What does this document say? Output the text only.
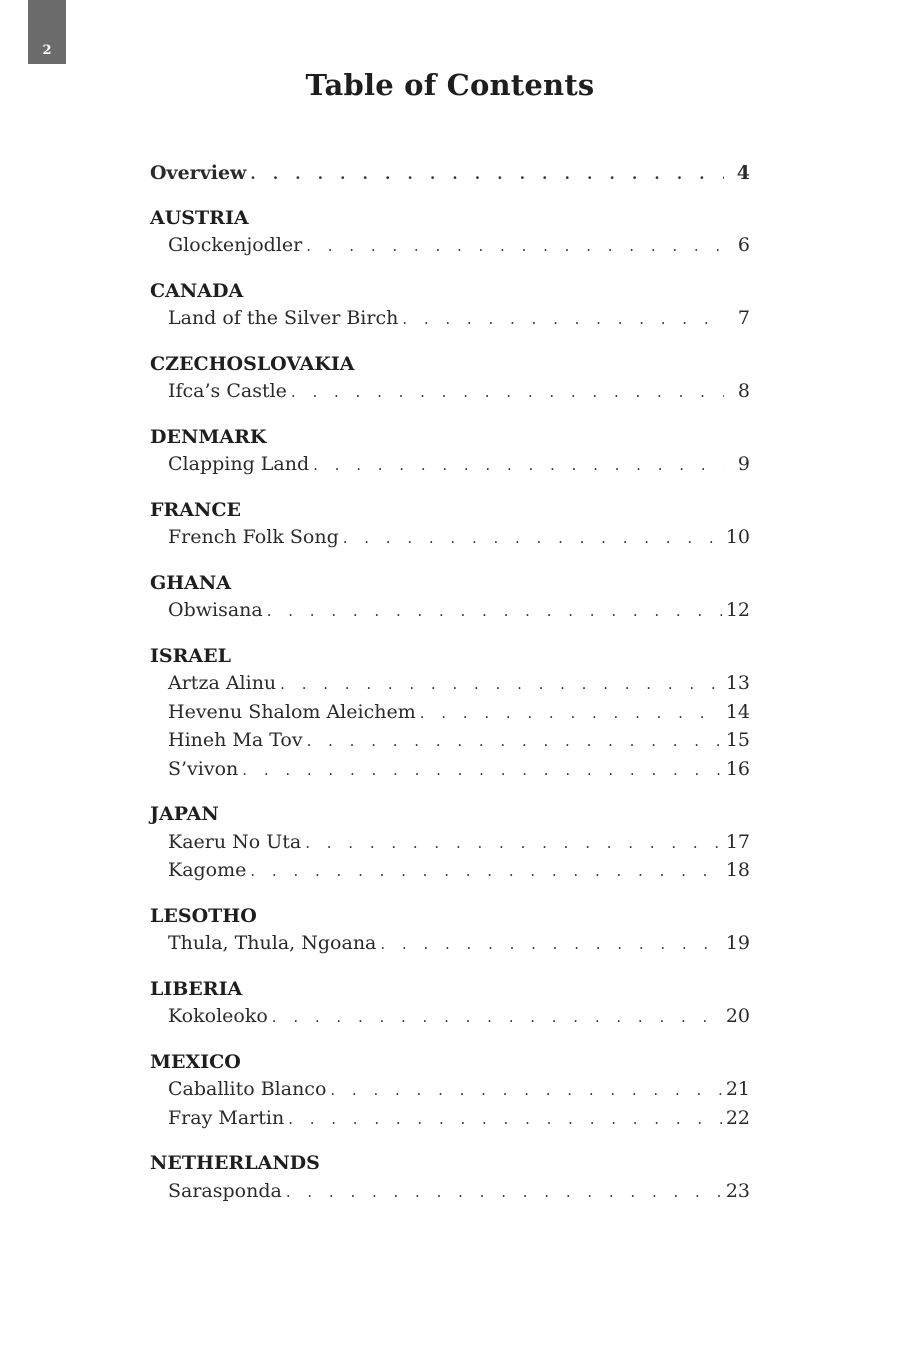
2
Table of Contents
Overview . . .	4
AUSTRIA
Glockenjodler . . .	6
CANADA
Land of the Silver Birch . . .	7
CZECHOSLOVAKIA
Ifca’s Castle . . .	8
DENMARK
Clapping Land . . .	9
FRANCE
French Folk Song . . .	10
GHANA
Obwisana . . .	12
ISRAEL
Artza Alinu . . .	13
Hevenu Shalom Aleichem . . .	14
Hineh Ma Tov . . .	15
S’vivon . . .	16
JAPAN
Kaeru No Uta . . .	17
Kagome . . .	18
LESOTHO
Thula, Thula, Ngoana . . .	19
LIBERIA
Kokoleoko . . .	20
MEXICO
Caballito Blanco . . .	21
Fray Martin . . .	22
NETHERLANDS
Sarasponda . . .	23
